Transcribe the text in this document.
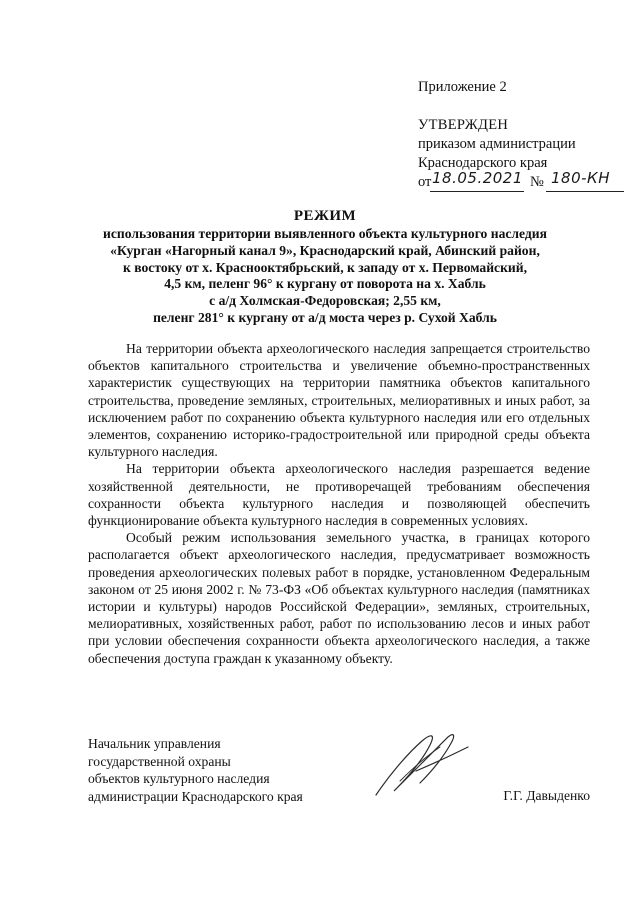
Приложение 2
УТВЕРЖДЕН
приказом администрации
Краснодарского края
от 18.05.2021 № 180-КН
РЕЖИМ
использования территории выявленного объекта культурного наследия
«Курган «Нагорный канал 9», Краснодарский край, Абинский район,
к востоку от х. Краснооктябрьский, к западу от х. Первомайский,
4,5 км, пеленг 96° к кургану от поворота на х. Хабль
с а/д Холмская-Федоровская; 2,55 км,
пеленг 281° к кургану от а/д моста через р. Сухой Хабль

На территории объекта археологического наследия запрещается строительство объектов капитального строительства и увеличение объемно-пространственных характеристик существующих на территории памятника объектов капитального строительства, проведение земляных, строительных, мелиоративных и иных работ, за исключением работ по сохранению объекта культурного наследия или его отдельных элементов, сохранению историко-градостроительной или природной среды объекта культурного наследия.

На территории объекта археологического наследия разрешается ведение хозяйственной деятельности, не противоречащей требованиям обеспечения сохранности объекта культурного наследия и позволяющей обеспечить функционирование объекта культурного наследия в современных условиях.

Особый режим использования земельного участка, в границах которого располагается объект археологического наследия, предусматривает возможность проведения археологических полевых работ в порядке, установленном Федеральным законом от 25 июня 2002 г. № 73-ФЗ «Об объектах культурного наследия (памятниках истории и культуры) народов Российской Федерации», земляных, строительных, мелиоративных, хозяйственных работ, работ по использованию лесов и иных работ при условии обеспечения сохранности объекта археологического наследия, а также обеспечения доступа граждан к указанному объекту.

Начальник управления
государственной охраны
объектов культурного наследия
администрации Краснодарского края	Г.Г. Давыденко
